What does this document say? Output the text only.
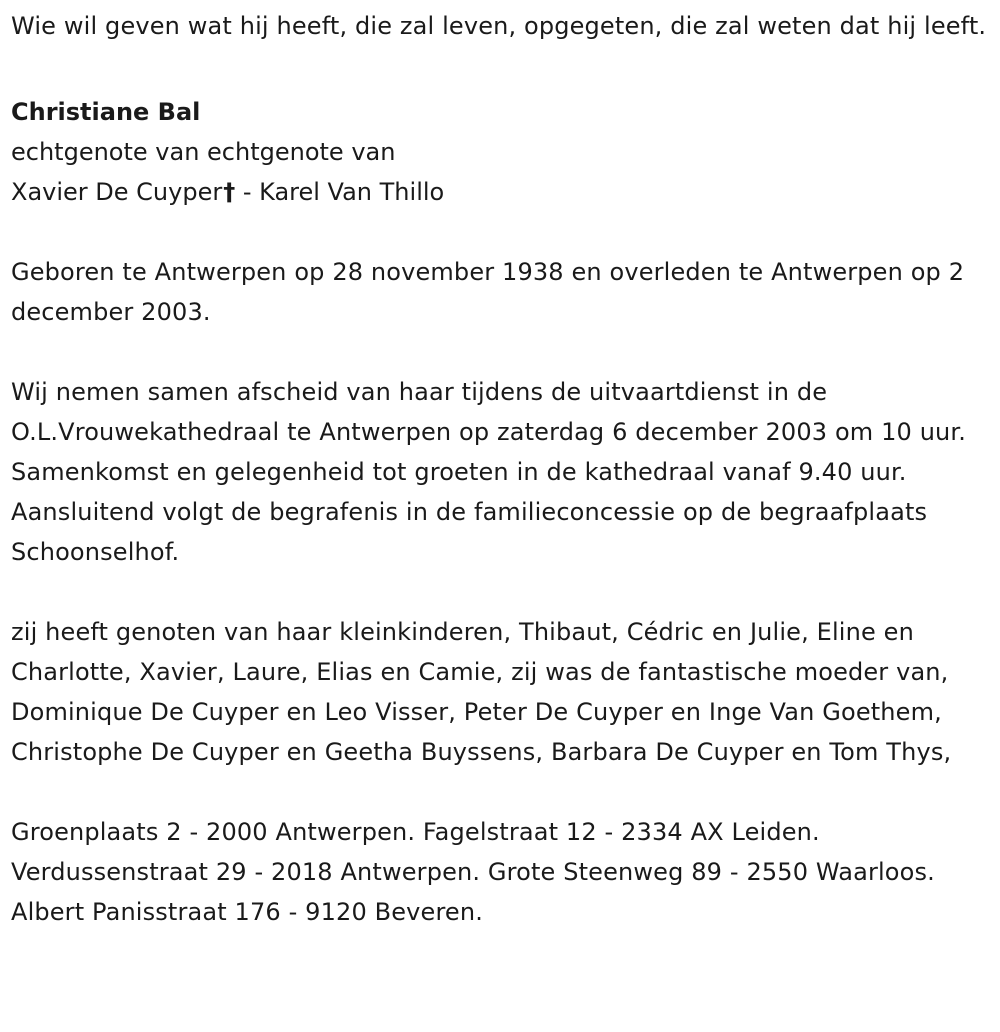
Wie wil geven wat hij heeft, die zal leven, opgegeten, die zal weten dat hij leeft.

Christiane Bal

echtgenote van echtgenote van

Xavier De Cuyper† - Karel Van Thillo

Geboren te Antwerpen op 28 november 1938 en overleden te Antwerpen op 2 december 2003.

Wij nemen samen afscheid van haar tijdens de uitvaartdienst in de O.L.Vrouwekathedraal te Antwerpen op zaterdag 6 december 2003 om 10 uur. Samenkomst en gelegenheid tot groeten in de kathedraal vanaf 9.40 uur. Aansluitend volgt de begrafenis in de familieconcessie op de begraafplaats Schoonselhof.

zij heeft genoten van haar kleinkinderen, Thibaut, Cédric en Julie, Eline en Charlotte, Xavier, Laure, Elias en Camie, zij was de fantastische moeder van, Dominique De Cuyper en Leo Visser, Peter De Cuyper en Inge Van Goethem, Christophe De Cuyper en Geetha Buyssens, Barbara De Cuyper en Tom Thys,

Groenplaats 2 - 2000 Antwerpen. Fagelstraat 12 - 2334 AX Leiden. Verdussenstraat 29 - 2018 Antwerpen. Grote Steenweg 89 - 2550 Waarloos. Albert Panisstraat 176 - 9120 Beveren.
